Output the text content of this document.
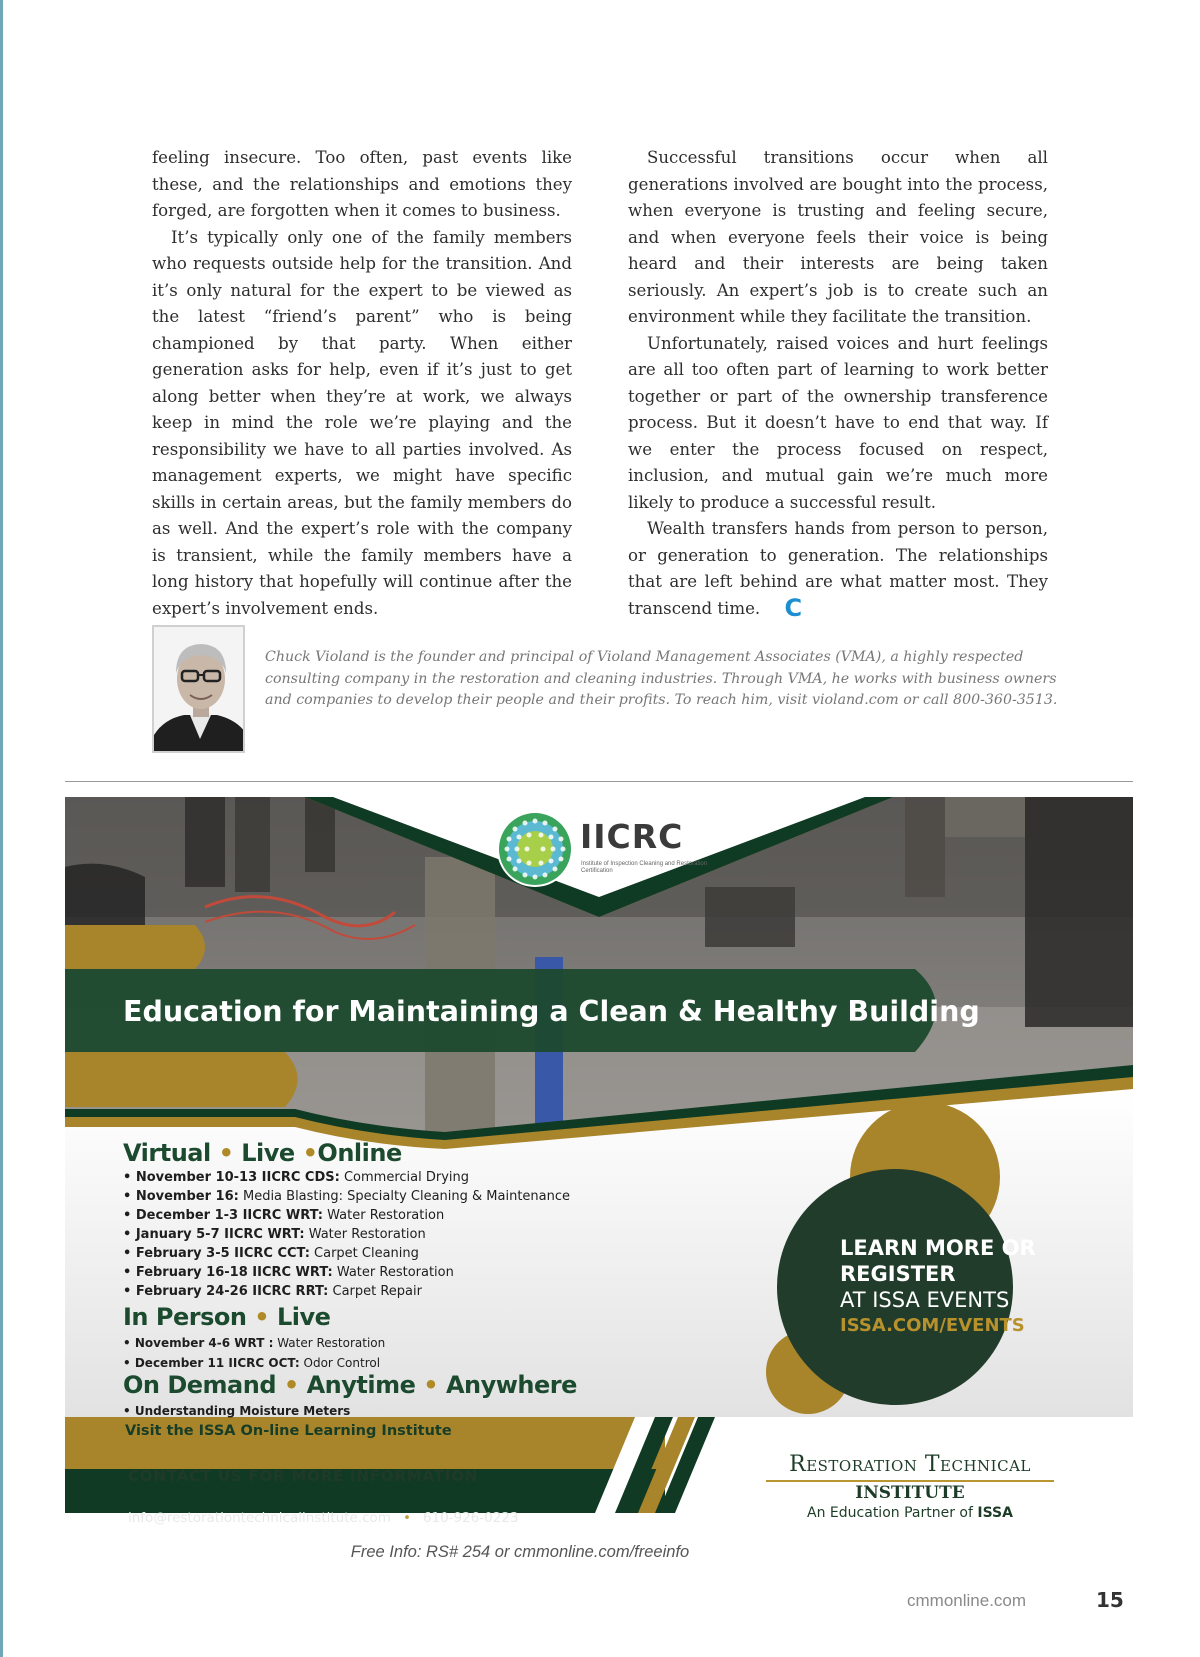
feeling insecure. Too often, past events like these, and the relationships and emotions they forged, are forgotten when it comes to business.

It’s typically only one of the family members who requests outside help for the transition. And it’s only natural for the expert to be viewed as the latest “friend’s parent” who is being championed by that party. When either generation asks for help, even if it’s just to get along better when they’re at work, we always keep in mind the role we’re playing and the responsibility we have to all parties involved. As management experts, we might have specific skills in certain areas, but the family members do as well. And the expert’s role with the company is transient, while the family members have a long history that hopefully will continue after the expert’s involvement ends.

Successful transitions occur when all generations involved are bought into the process, when everyone is trusting and feeling secure, and when everyone feels their voice is being heard and their interests are being taken seriously. An expert’s job is to create such an environment while they facilitate the transition.

Unfortunately, raised voices and hurt feelings are all too often part of learning to work better together or part of the ownership transference process. But it doesn’t have to end that way. If we enter the process focused on respect, inclusion, and mutual gain we’re much more likely to produce a successful result.

Wealth transfers hands from person to person, or generation to generation. The relationships that are left behind are what matter most. They transcend time. C

Chuck Violand is the founder and principal of Violand Management Associates (VMA), a highly respected consulting company in the restoration and cleaning industries. Through VMA, he works with business owners and companies to develop their people and their profits. To reach him, visit violand.com or call 800-360-3513.
IICRC
Institute of Inspection Cleaning and Restoration Certification
Education for Maintaining a Clean & Healthy Building
Virtual • Live •Online
• November 10-13 IICRC CDS: Commercial Drying
• November 16: Media Blasting: Specialty Cleaning & Maintenance
• December 1-3 IICRC WRT: Water Restoration
• January 5-7 IICRC WRT: Water Restoration
• February 3-5 IICRC CCT: Carpet Cleaning
• February 16-18 IICRC WRT: Water Restoration
• February 24-26 IICRC RRT: Carpet Repair
In Person • Live
• November 4-6 WRT : Water Restoration
• December 11 IICRC OCT: Odor Control
On Demand • Anytime • Anywhere
• Understanding Moisture Meters
Visit the ISSA On-line Learning Institute
LEARN MORE OR
REGISTER
AT ISSA EVENTS
ISSA.COM/EVENTS
CONTACT US FOR MORE INFORMATION
info@restorationtechnicalinstitute.com • 610-926-0223
Restoration Technical
INSTITUTE
An Education Partner of ISSA
Free Info: RS# 254 or cmmonline.com/freeinfo
cmmonline.com	15
